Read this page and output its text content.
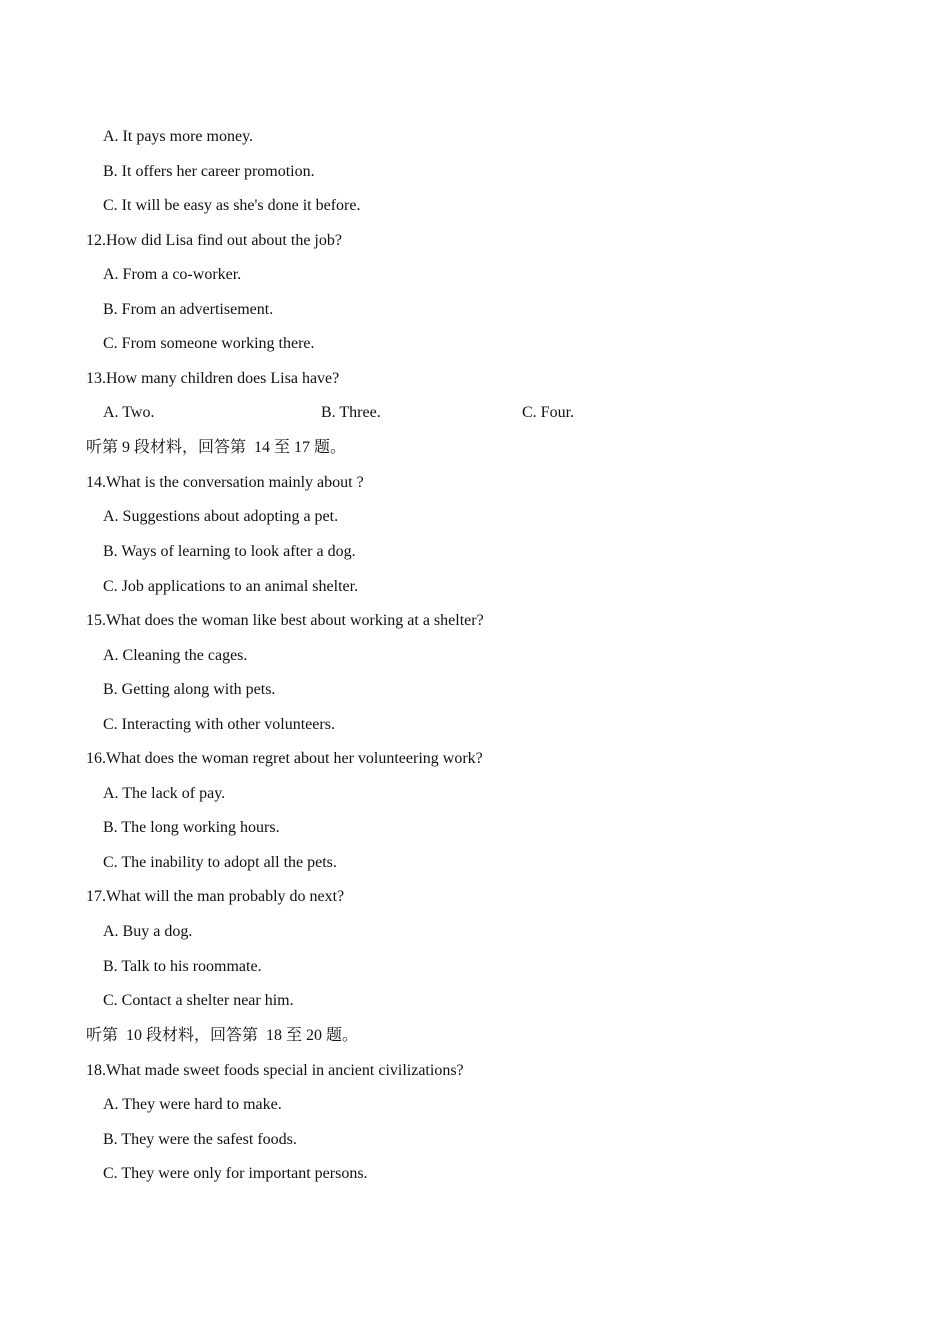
A. It pays more money.
B. It offers her career promotion.
C. It will be easy as she's done it before.
12.How did Lisa find out about the job?
A. From a co-worker.
B. From an advertisement.
C. From someone working there.
13.How many children does Lisa have?
A. Two.	B. Three.	C. Four.
听第 9 段材料，回答第  14 至 17 题。
14.What is the conversation mainly about ?
A. Suggestions about adopting a pet.
B. Ways of learning to look after a dog.
C. Job applications to an animal shelter.
15.What does the woman like best about working at a shelter?
A. Cleaning the cages.
B. Getting along with pets.
C. Interacting with other volunteers.
16.What does the woman regret about her volunteering work?
A. The lack of pay.
B. The long working hours.
C. The inability to adopt all the pets.
17.What will the man probably do next?
A. Buy a dog.
B. Talk to his roommate.
C. Contact a shelter near him.
听第  10 段材料，回答第  18 至 20 题。
18.What made sweet foods special in ancient civilizations?
A. They were hard to make.
B. They were the safest foods.
C. They were only for important persons.
